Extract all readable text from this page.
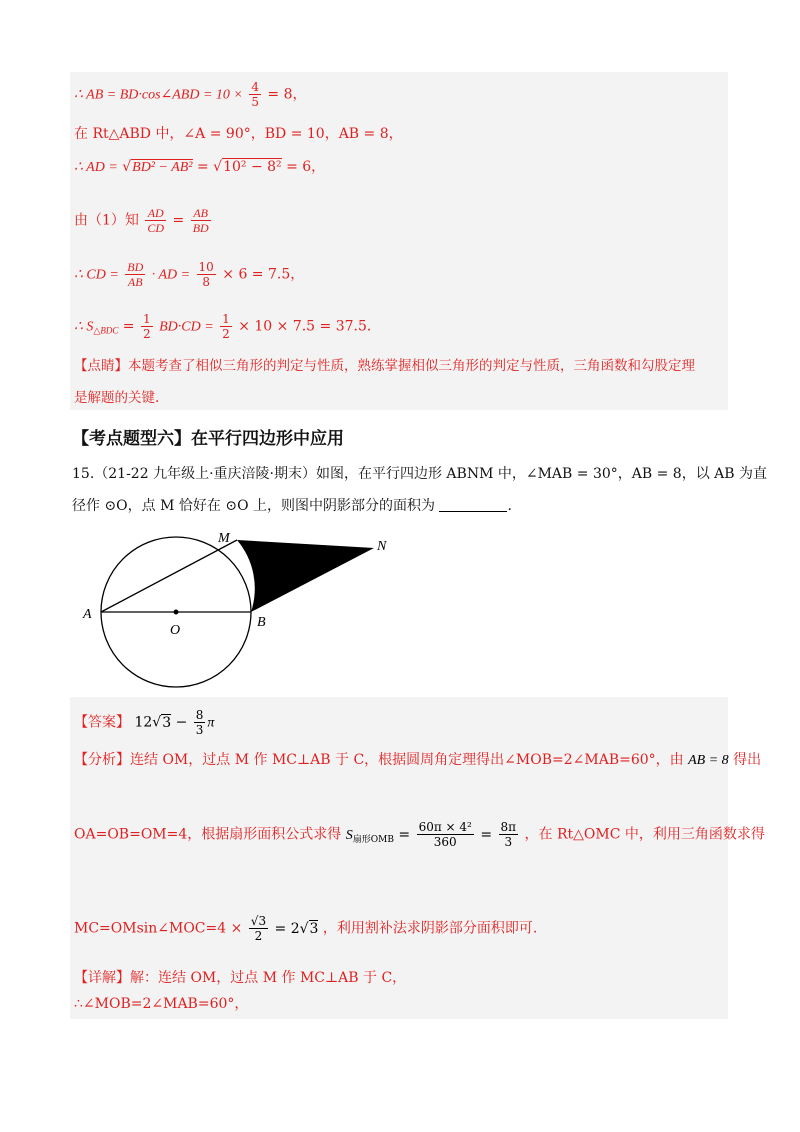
∴ AB = BD·cos∠ABD = $10 \times \frac{4}{5} = 8$，
在 Rt△ABD 中，∠A = 90°，BD = 10，AB = 8，
∴ AD = √BD² − AB² = √10² − 8² = 6，
由（1）知 $\frac{AD}{CD} = \frac{AB}{BD}$
∴ CD = $\frac{BD}{AB}$ · AD = $\frac{10}{8} \times 6 = 7.5$，
∴ $S_{\triangle BDC} = \frac{1}{2} BD\cdot CD = \frac{1}{2} \times 10 \times 7.5 = 37.5$．
【点睛】本题考查了相似三角形的判定与性质，熟练掌握相似三角形的判定与性质，三角函数和勾股定理
是解题的关键.
【考点题型六】在平行四边形中应用
15.（21-22 九年级上·重庆涪陵·期末）如图，在平行四边形 ABNM 中，∠MAB = 30°，AB = 8，以 AB 为直
径作 ⊙O，点 M 恰好在 ⊙O 上，则图中阴影部分的面积为	.
A
B
O
M
N
【答案】 $12√3 - \frac{8}{3}$ π
【分析】连结 OM，过点 M 作 MC⊥AB 于 C，根据圆周角定理得出∠MOB=2∠MAB=60°，由 AB = 8 得出
OA=OB=OM=4，根据扇形面积公式求得 $S_{扇形OMB} = \frac{\text{60π × 4²}}{360} = \frac{8\pi}{3}$ ，在 Rt△OMC 中，利用三角函数求得
MC=OMsin∠MOC=4 × $\frac{√3}{2} = 2√3$ ，利用割补法求阴影部分面积即可.
【详解】解：连结 OM，过点 M 作 MC⊥AB 于 C，
∴∠MOB=2∠MAB=60°，
